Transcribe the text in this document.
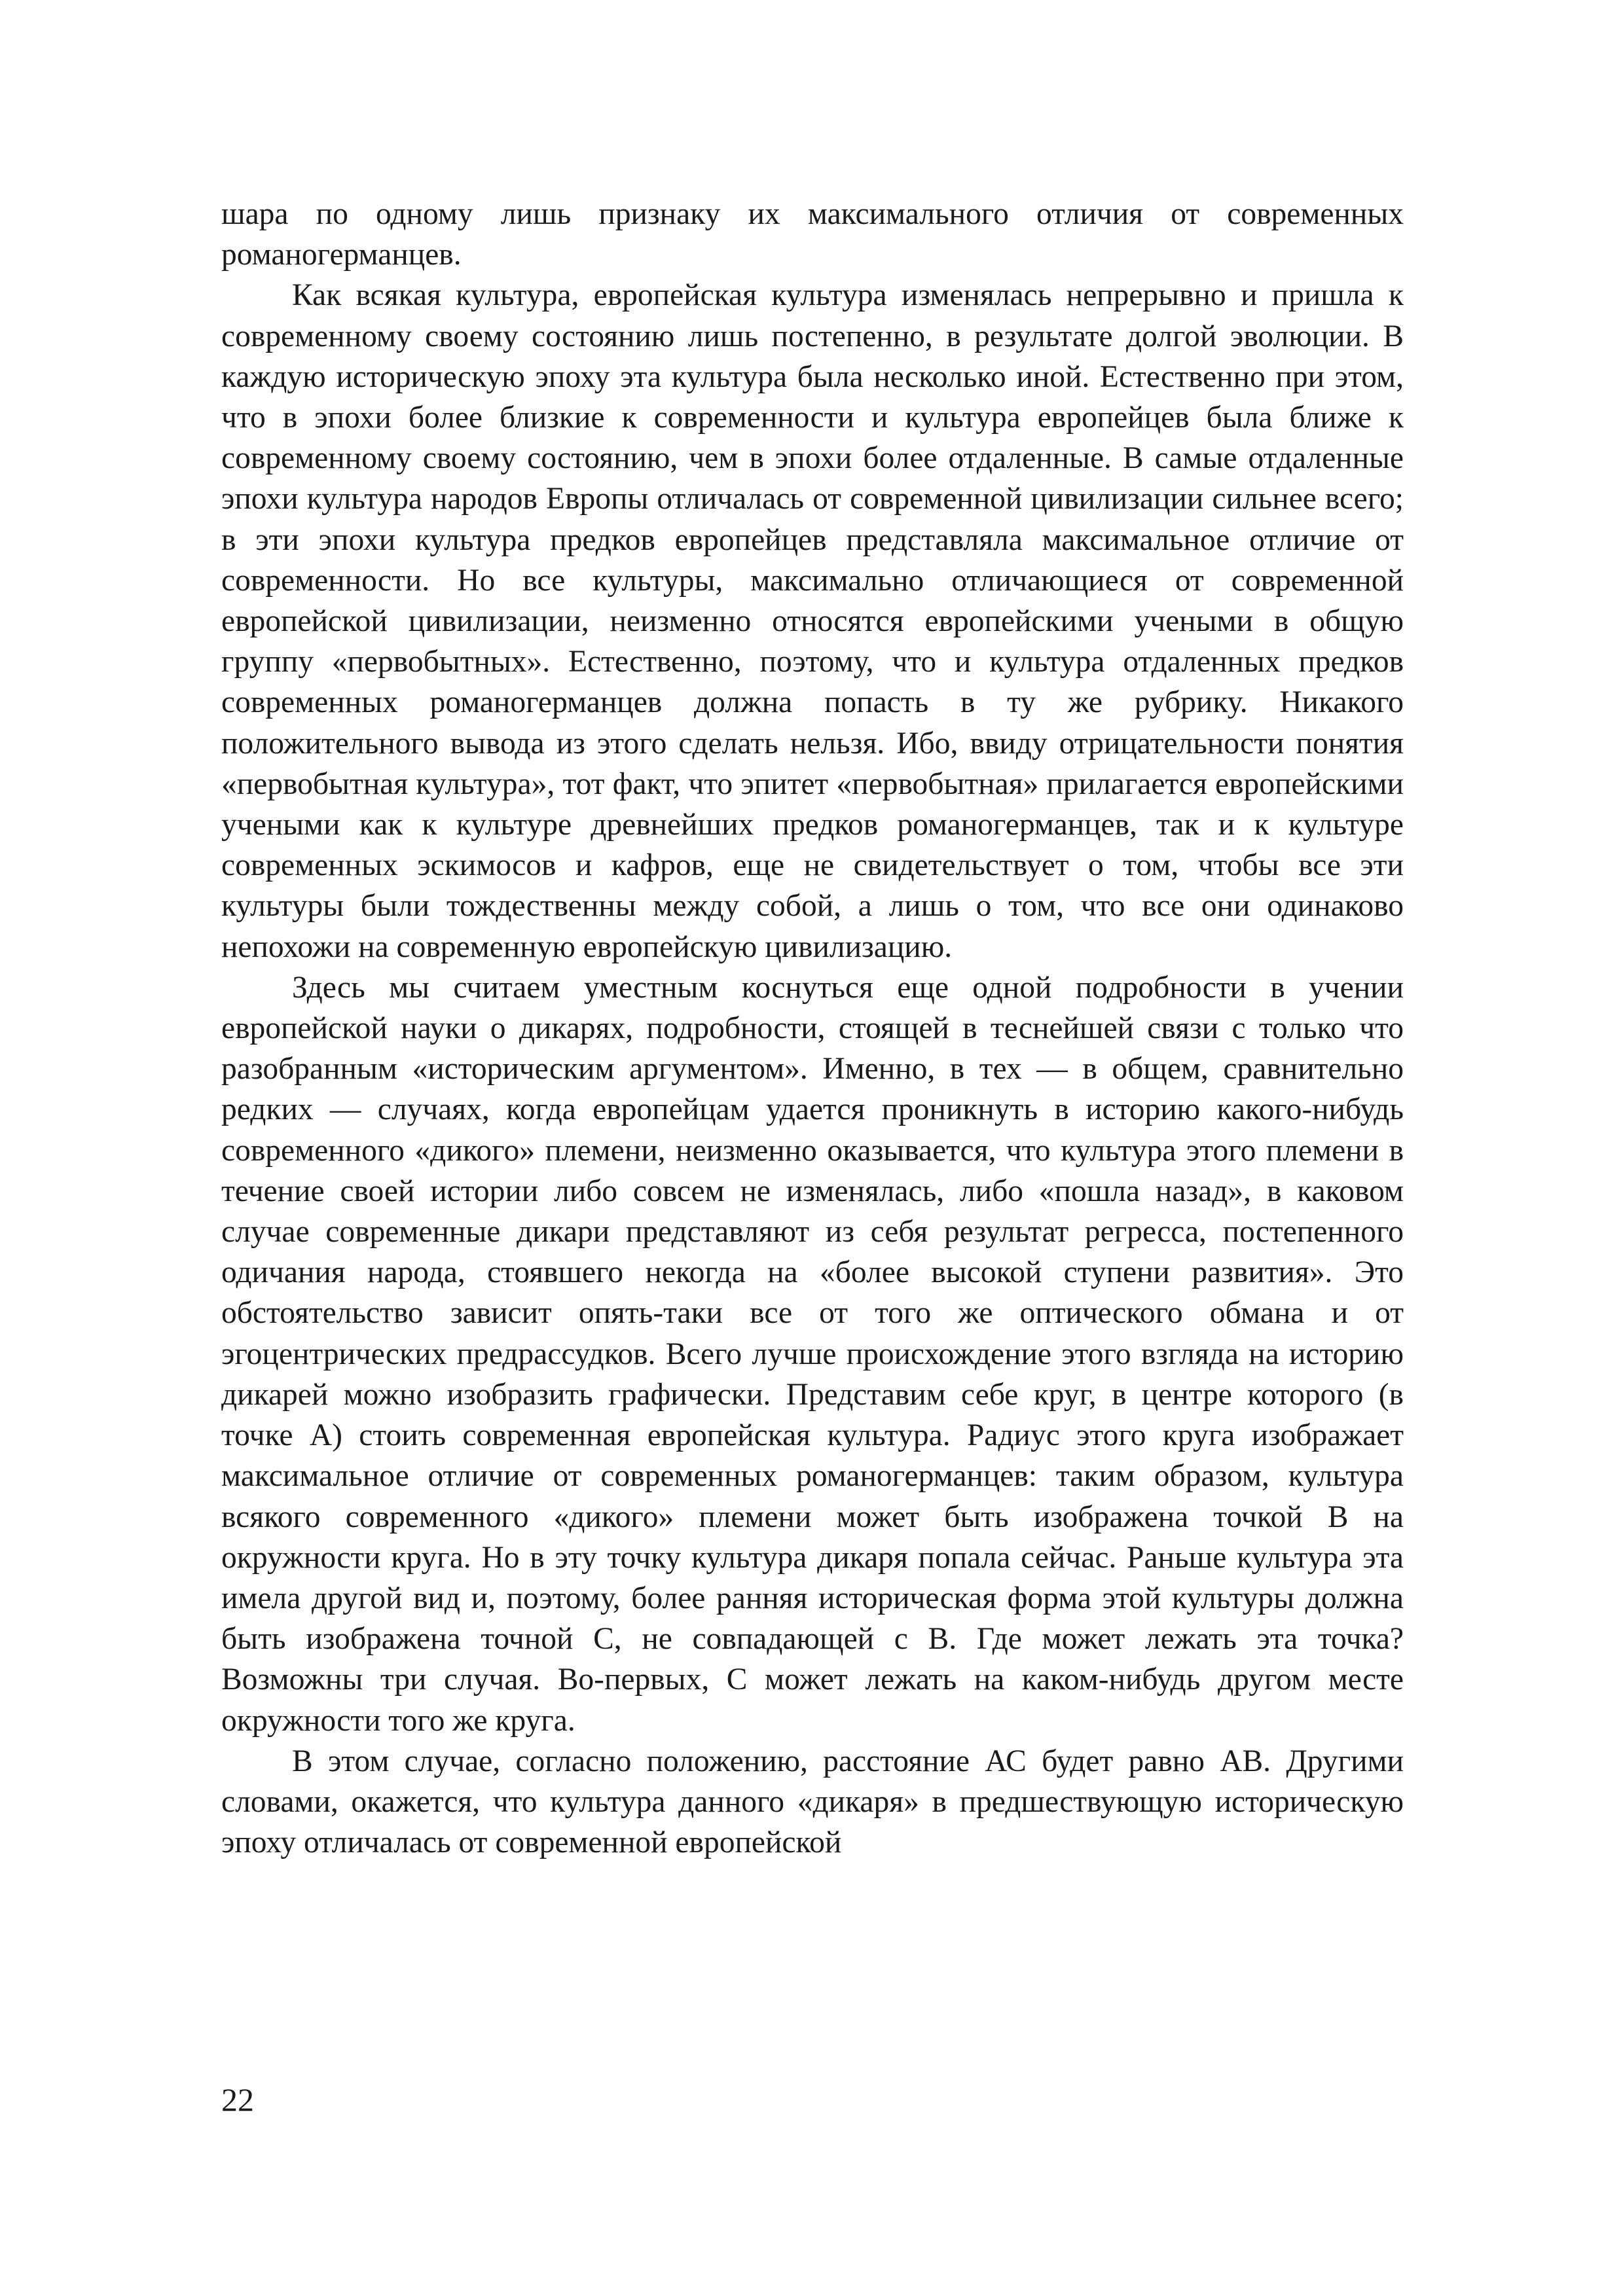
шара по одному лишь признаку их максимального отличия от современных романогерманцев.

Как всякая культура, европейская культура изменялась непрерывно и пришла к современному своему состоянию лишь постепенно, в результате долгой эволюции. В каждую историческую эпоху эта культура была несколько иной. Естественно при этом, что в эпохи более близкие к современности и культура европейцев была ближе к современному своему состоянию, чем в эпохи более отдаленные. В самые отдаленные эпохи культура народов Европы отличалась от современной цивилизации сильнее всего; в эти эпохи культура предков европейцев представляла максимальное отличие от современности. Но все культуры, максимально отличающиеся от современной европейской цивилизации, неизменно относятся европейскими учеными в общую группу «первобытных». Естественно, поэтому, что и культура отдаленных предков современных романогерманцев должна попасть в ту же рубрику. Никакого положительного вывода из этого сделать нельзя. Ибо, ввиду отрицательности понятия «первобытная культура», тот факт, что эпитет «первобытная» прилагается европейскими учеными как к культуре древнейших предков романогерманцев, так и к культуре современных эскимосов и кафров, еще не свидетельствует о том, чтобы все эти культуры были тождественны между собой, а лишь о том, что все они одинаково непохожи на современную европейскую цивилизацию.

Здесь мы считаем уместным коснуться еще одной подробности в учении европейской науки о дикарях, подробности, стоящей в теснейшей связи с только что разобранным «историческим аргументом». Именно, в тех — в общем, сравнительно редких — случаях, когда европейцам удается проникнуть в историю какого-нибудь современного «дикого» племени, неизменно оказывается, что культура этого племени в течение своей истории либо совсем не изменялась, либо «пошла назад», в каковом случае современные дикари представляют из себя результат регресса, постепенного одичания народа, стоявшего некогда на «более высокой ступени развития». Это обстоятельство зависит опять-таки все от того же оптического обмана и от эгоцентрических предрассудков. Всего лучше происхождение этого взгляда на историю дикарей можно изобразить графически. Представим себе круг, в центре которого (в точке А) стоить современная европейская культура. Радиус этого круга изображает максимальное отличие от современных романогерманцев: таким образом, культура всякого современного «дикого» племени может быть изображена точкой В на окружности круга. Но в эту точку культура дикаря попала сейчас. Раньше культура эта имела другой вид и, поэтому, более ранняя историческая форма этой культуры должна быть изображена точной С, не совпадающей с В. Где может лежать эта точка? Возможны три случая. Во-первых, С может лежать на каком-нибудь другом месте окружности того же круга.

В этом случае, согласно положению, расстояние АС будет равно АВ. Другими словами, окажется, что культура данного «дикаря» в предшествующую историческую эпоху отличалась от современной европейской

22
